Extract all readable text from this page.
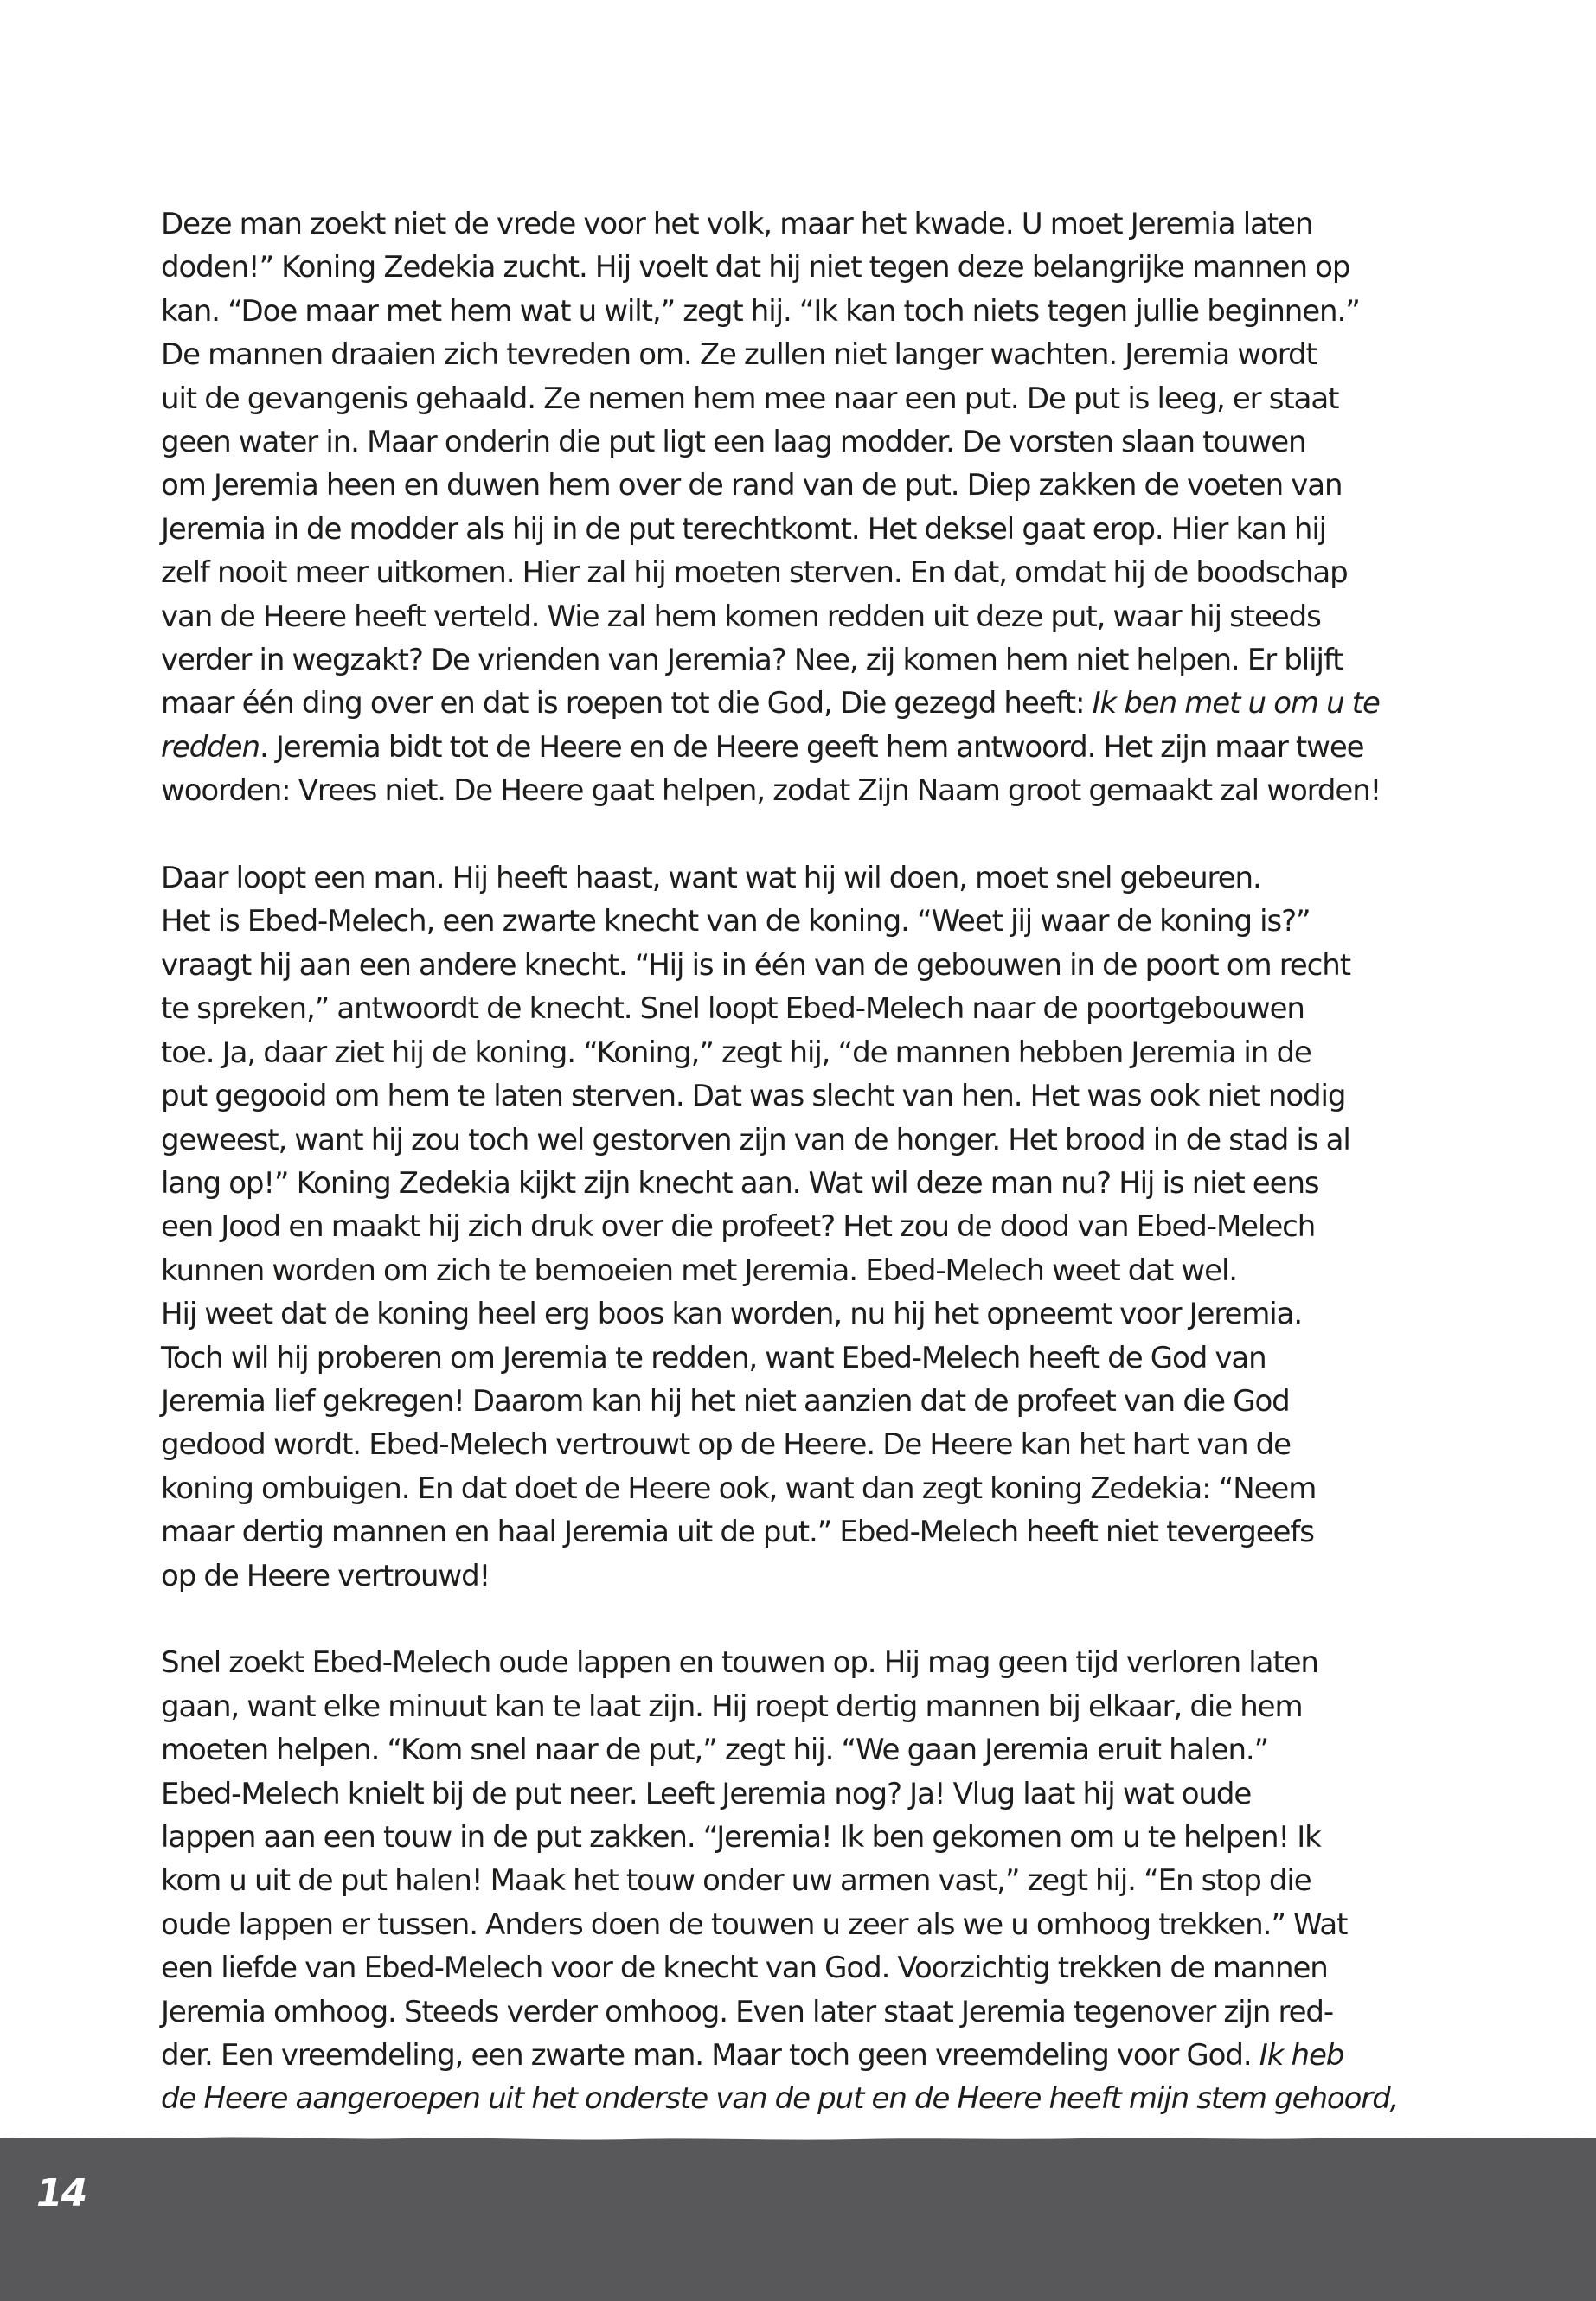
Deze man zoekt niet de vrede voor het volk, maar het kwade. U moet Jeremia laten
doden!” Koning Zedekia zucht. Hij voelt dat hij niet tegen deze belangrijke mannen op
kan. “Doe maar met hem wat u wilt,” zegt hij. “Ik kan toch niets tegen jullie beginnen.”
De mannen draaien zich tevreden om. Ze zullen niet langer wachten. Jeremia wordt
uit de gevangenis gehaald. Ze nemen hem mee naar een put. De put is leeg, er staat
geen water in. Maar onderin die put ligt een laag modder. De vorsten slaan touwen
om Jeremia heen en duwen hem over de rand van de put. Diep zakken de voeten van
Jeremia in de modder als hij in de put terechtkomt. Het deksel gaat erop. Hier kan hij
zelf nooit meer uitkomen. Hier zal hij moeten sterven. En dat, omdat hij de boodschap
van de Heere heeft verteld. Wie zal hem komen redden uit deze put, waar hij steeds
verder in wegzakt? De vrienden van Jeremia? Nee, zij komen hem niet helpen. Er blijft
maar één ding over en dat is roepen tot die God, Die gezegd heeft: Ik ben met u om u te
redden. Jeremia bidt tot de Heere en de Heere geeft hem antwoord. Het zijn maar twee
woorden: Vrees niet. De Heere gaat helpen, zodat Zijn Naam groot gemaakt zal worden!

Daar loopt een man. Hij heeft haast, want wat hij wil doen, moet snel gebeuren.
Het is Ebed-Melech, een zwarte knecht van de koning. “Weet jij waar de koning is?”
vraagt hij aan een andere knecht. “Hij is in één van de gebouwen in de poort om recht
te spreken,” antwoordt de knecht. Snel loopt Ebed-Melech naar de poortgebouwen
toe. Ja, daar ziet hij de koning. “Koning,” zegt hij, “de mannen hebben Jeremia in de
put gegooid om hem te laten sterven. Dat was slecht van hen. Het was ook niet nodig
geweest, want hij zou toch wel gestorven zijn van de honger. Het brood in de stad is al
lang op!” Koning Zedekia kijkt zijn knecht aan. Wat wil deze man nu? Hij is niet eens
een Jood en maakt hij zich druk over die profeet? Het zou de dood van Ebed-Melech
kunnen worden om zich te bemoeien met Jeremia. Ebed-Melech weet dat wel.
Hij weet dat de koning heel erg boos kan worden, nu hij het opneemt voor Jeremia.
Toch wil hij proberen om Jeremia te redden, want Ebed-Melech heeft de God van
Jeremia lief gekregen! Daarom kan hij het niet aanzien dat de profeet van die God
gedood wordt. Ebed-Melech vertrouwt op de Heere. De Heere kan het hart van de
koning ombuigen. En dat doet de Heere ook, want dan zegt koning Zedekia: “Neem
maar dertig mannen en haal Jeremia uit de put.” Ebed-Melech heeft niet tevergeefs
op de Heere vertrouwd!

Snel zoekt Ebed-Melech oude lappen en touwen op. Hij mag geen tijd verloren laten
gaan, want elke minuut kan te laat zijn. Hij roept dertig mannen bij elkaar, die hem
moeten helpen. “Kom snel naar de put,” zegt hij. “We gaan Jeremia eruit halen.”
Ebed-Melech knielt bij de put neer. Leeft Jeremia nog? Ja! Vlug laat hij wat oude
lappen aan een touw in de put zakken. “Jeremia! Ik ben gekomen om u te helpen! Ik
kom u uit de put halen! Maak het touw onder uw armen vast,” zegt hij. “En stop die
oude lappen er tussen. Anders doen de touwen u zeer als we u omhoog trekken.” Wat
een liefde van Ebed-Melech voor de knecht van God. Voorzichtig trekken de mannen
Jeremia omhoog. Steeds verder omhoog. Even later staat Jeremia tegenover zijn red-
der. Een vreemdeling, een zwarte man. Maar toch geen vreemdeling voor God. Ik heb
de Heere aangeroepen uit het onderste van de put en de Heere heeft mijn stem gehoord,

14
